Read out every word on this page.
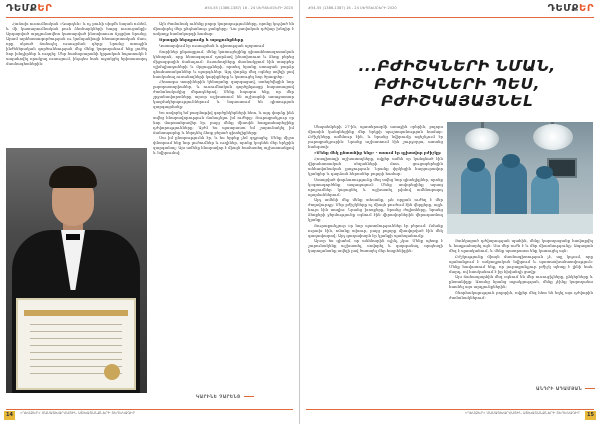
ԴԵՄՔԵՐ	#54-55 (1386-1387) 16 - 24 ՍԵՊՏԵՄԲԵՐԻ 2020

Հաճախ ուսումնական «Գարդեն» և ոչ բուհի սիգմե նայան ունեմ, և մի կատարումնական բուհ ձեռնարկների հարց ուսուցանքի: Արդարված արդյունավետ կատարված ինստիտուտ ճշգրիտ նրանց, Արամ արհեստագործության ու կոմպանիայի հետազոտական մաս, որը սկսած ճանաչել ուսուցման դերը: Նրանց առաջին ինժեներական գործունեության մեջ մենք կարողանում ենք լուծել նոր խնդիրներ և ուղղել: Մեր համալսարանի կրթական նպատակն է ապահովել որակյալ ուսուցում, ինչպես նաև աջակցել երիտասարդ մասնագետներին:

Այն ժամանակ ունենք բոլոր կարողությունները, որոնք կոչված են միավորել մեր ընդհանուր ջանքերը: Դա բավական դժվար խնդիր է ամբողջ համակարգի համար:

Ծրագրի ներդրումը և արդյունքները

Կատարվում էր ուսուցման և գիտության ոլորտում

Տարիներ ընթացքում, մենք կառուցեցինք գիտահետազոտական կենտրոն, որը հետագայում դարձավ ինստիտուտ և ձեռք բերեց միջազգային ճանաչում: Ուսանողները մասնակցում էին տարբեր օլիմպիադաների և մրցույթների, որտեղ նրանք ստացան բարձր գնահատականներ և պարգևներ: Այդ փորձը մեզ օգնեց ավելի լավ հասկանալ ուսանողների կարիքները և կառուցել նոր ծրագրեր:

Հետագա տարիներին կենտրոնը զարգացավ, ստեղծվեցին նոր լաբորատորիաներ, և ուսումնական գործընթացը հարստացավ ժամանակակից մեթոդներով: Մենք հպարտ ենք, որ մեր շրջանավարտները այսօր աշխատում են աշխարհի առաջատար կազմակերպություններում և նպաստում են գիտության զարգացմանը:

Ես սովորել եմ բազմաթիվ գործընկերների հետ, և այդ փորձը ինձ տվեց հնարավորություն ճանաչելու իմ ուժերը: Յուրաքանչյուր օր նոր մարտահրավեր էր, բայց մենք միասին հաղթահարեցինք դժվարությունները: Այժմ ես պատրաստ եմ շարունակել իմ ճանապարհը և ներդնել ձեռք բերած գիտելիքները:

Սա իմ ընտրությունն էր, և ես երբեք չեմ զղջացել: Մենք միշտ փնտրում ենք նոր լուծումներ և ուղիներ, որոնք կօգնեն մեր երկրին զարգանալ: Այս ամենը հնարավոր է միայն համատեղ աշխատանքով և նվիրումով:

ԿԱՐԻՆԵ ՉԱՐԵՆՑ
14	«ԴԵՄՔԵՐ» ՄԱՍԱՇԽԱՐՀԱՅԻՆ ԱՇԽԱՏԱՆՔՆԵՐԻ ՏԵՂԵԿԱԳԻՐ
#54-55 (1386-1387) 16 - 24 ՍԵՊՏԵՄԲԵՐԻ 2020	ԴԵՄՔԵՐ
...ԲԺԻՇԿՆԵՐԻ ՆՄԱՆ, ԲԺԻՇԿՆԵՐԻ ՊԵՍ, ԲԺԻՇԿԱՅԱՅՆԵԼ

Սեպտեմբերի 27-ին, պատերազմի առաջին օրերին, բոլորս միասին կանգնեցինք մեր երկրի պաշտպանության համար: Բժիշկները ամենուր էին, և նրանց նվիրումը ոգեշնչում էր յուրաքանչյուրին: Նրանք աշխատում էին շուրջօրյա, առանց հանգստի:

«Մենք մեկ ընտանիք ենք» - ասում էր գլխավոր բժիշկը:

Հոսպիտալի աշխատողները, ովքեր ամեն օր կանգնած էին վիրահատական սեղանների մոտ, ցուցաբերեցին անհավանական քաջություն: Նրանք փրկեցին հարյուրավոր կյանքեր և դարձան հերոսներ բոլորի համար:

Ստացված փորձառությունը մեզ տվեց նոր գիտելիքներ, որոնք կօգտագործենք ապագայում: Մենք սովորեցինք արագ որոշումներ կայացնել և աշխատել թիմով ամենաբարդ պայմաններում:

Այդ ամենի մեջ մենք տեսանք, թե որքան ուժեղ է մեր ժողովուրդը: Մեր բժիշկները ոչ միայն բուժում էին վերքերը, այլև հույս էին տալիս: Նրանց խոսքերը, նրանց ժպիտները, նրանց ձեռքերի ջերմությունը օգնում էին վիրավորներին վերադառնալ կյանք:

Յուրաքանչյուր օր նոր պատմություններ էր բերում: Ոմանք ուրախ էին, ոմանք տխուր, բայց բոլորը միավորված էին մեկ գաղափարով: Այդ գաղափարն էր կյանքի պահպանումը:

Այսօր ես գիտեմ, որ անհնարին ոչինչ չկա: Մենք պետք է շարունակենք աշխատել, սովորել և զարգանալ, որպեսզի կարողանանք ավելի լավ ծառայել մեր հայրենիքին:

Ցանկացած դժվարության պահին, մենք կարողացանք հավաքվել և հաղթահարել այն: Սա մեր ուժն է և մեր միասնությունը: Ապագան մեզ է պատկանում, և մենք պատրաստ ենք կառուցել այն:

Բժշկությունը միայն մասնագիտություն չէ, այլ կոչում, որը պահանջում է ամբողջական նվիրում և պատասխանատվություն: Մենք հավատում ենք, որ յուրաքանչյուր բժիշկ պետք է լինի նաև մարդ, ով հասկանում է իր հիվանդի ցավը:

Այս ճանապարհին մեզ օգնում են մեր ուսուցիչները, ընկերները և ընտանիքը: Առանց նրանց աջակցության, մենք չէինք կարողանա հասնել այս արդյունքներին:

Շնորհակալություն բոլորին, ովքեր մեզ հետ են եղել այս դժվարին ժամանակներում:

ԱՆԴՐԻ ԱԴԱՄՅԱՆ
«ԴԵՄՔԵՐ» ՄԱՍԱՇԽԱՐՀԱՅԻՆ ԱՇԽԱՏԱՆՔՆԵՐԻ ՏԵՂԵԿԱԳԻՐ	15
